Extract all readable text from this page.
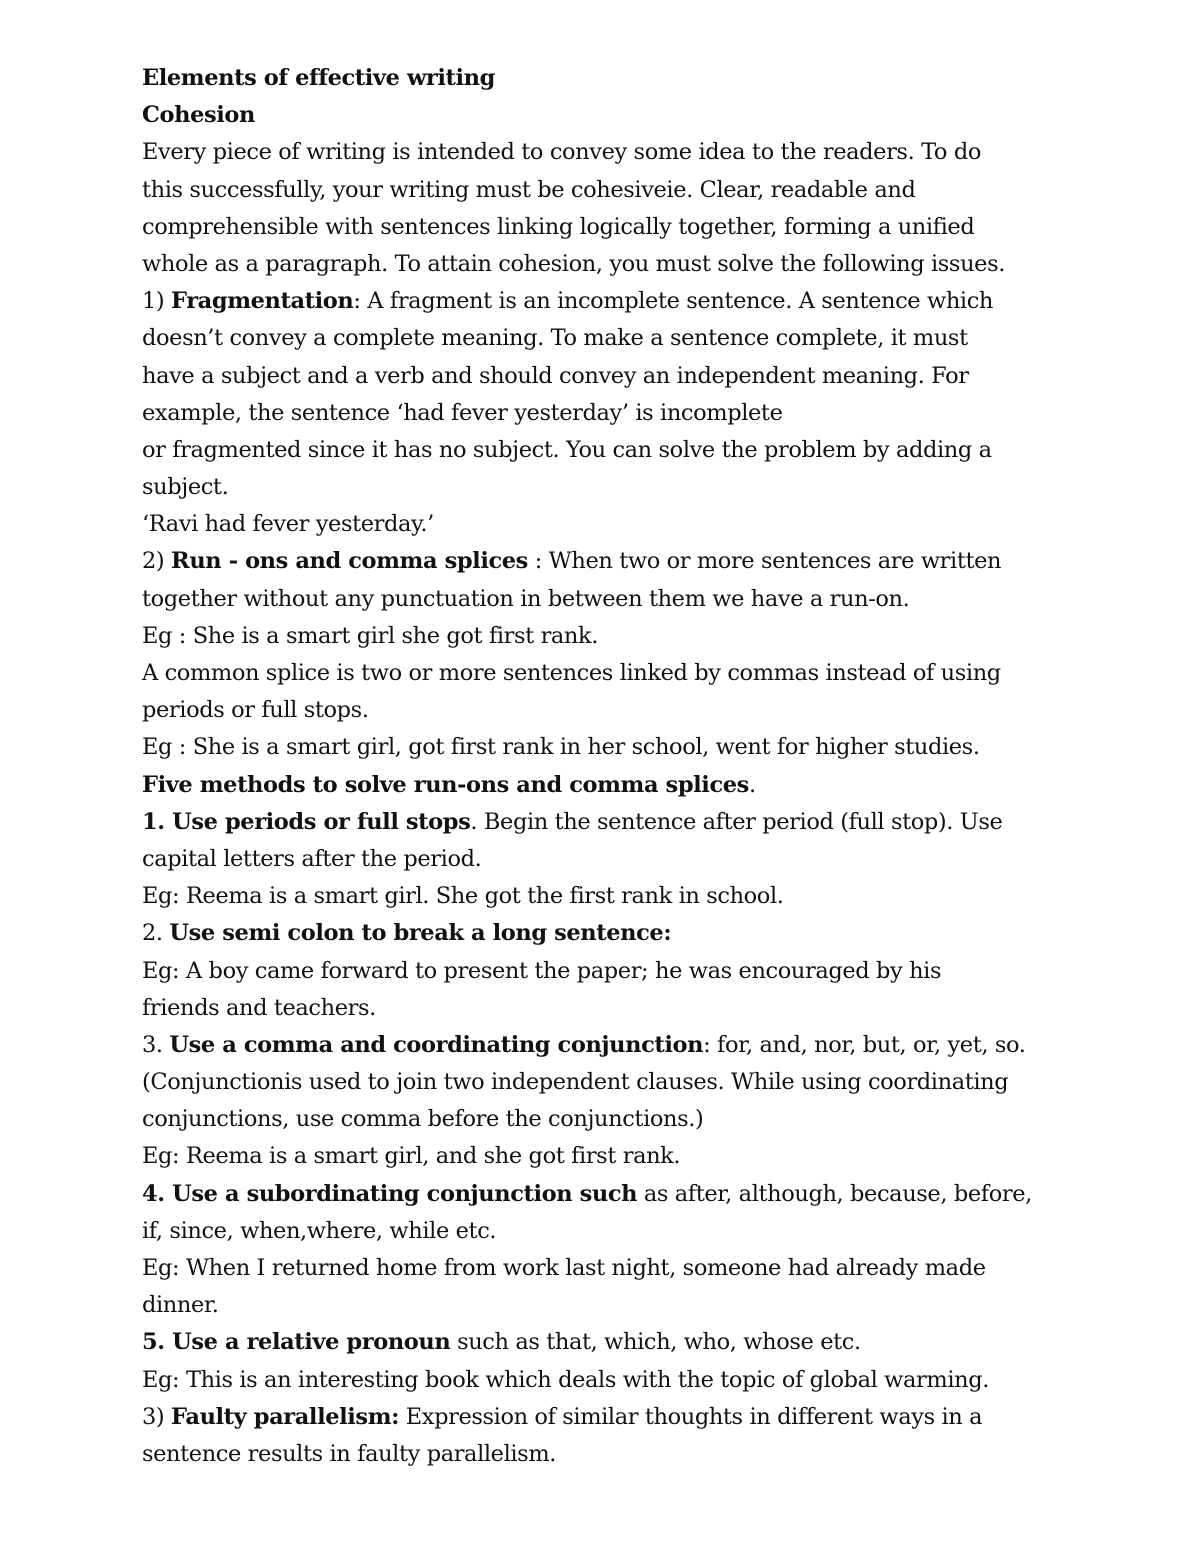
Elements of effective writing
Cohesion
Every piece of writing is intended to convey some idea to the readers. To do
this successfully, your writing must be cohesiveie. Clear, readable and
comprehensible with sentences linking logically together, forming a unified
whole as a paragraph. To attain cohesion, you must solve the following issues.
1) Fragmentation: A fragment is an incomplete sentence. A sentence which
doesn’t convey a complete meaning. To make a sentence complete, it must
have a subject and a verb and should convey an independent meaning. For
example, the sentence ‘had fever yesterday’ is incomplete
or fragmented since it has no subject. You can solve the problem by adding a
subject.
‘Ravi had fever yesterday.’
2) Run - ons and comma splices : When two or more sentences are written
together without any punctuation in between them we have a run-on.
Eg : She is a smart girl she got first rank.
A common splice is two or more sentences linked by commas instead of using
periods or full stops.
Eg : She is a smart girl, got first rank in her school, went for higher studies.
Five methods to solve run-ons and comma splices.
1. Use periods or full stops. Begin the sentence after period (full stop). Use
capital letters after the period.
Eg: Reema is a smart girl. She got the first rank in school.
2. Use semi colon to break a long sentence:
Eg: A boy came forward to present the paper; he was encouraged by his
friends and teachers.
3. Use a comma and coordinating conjunction: for, and, nor, but, or, yet, so.
(Conjunctionis used to join two independent clauses. While using coordinating
conjunctions, use comma before the conjunctions.)
Eg: Reema is a smart girl, and she got first rank.
4. Use a subordinating conjunction such as after, although, because, before,
if, since, when,where, while etc.
Eg: When I returned home from work last night, someone had already made
dinner.
5. Use a relative pronoun such as that, which, who, whose etc.
Eg: This is an interesting book which deals with the topic of global warming.
3) Faulty parallelism: Expression of similar thoughts in different ways in a
sentence results in faulty parallelism.
